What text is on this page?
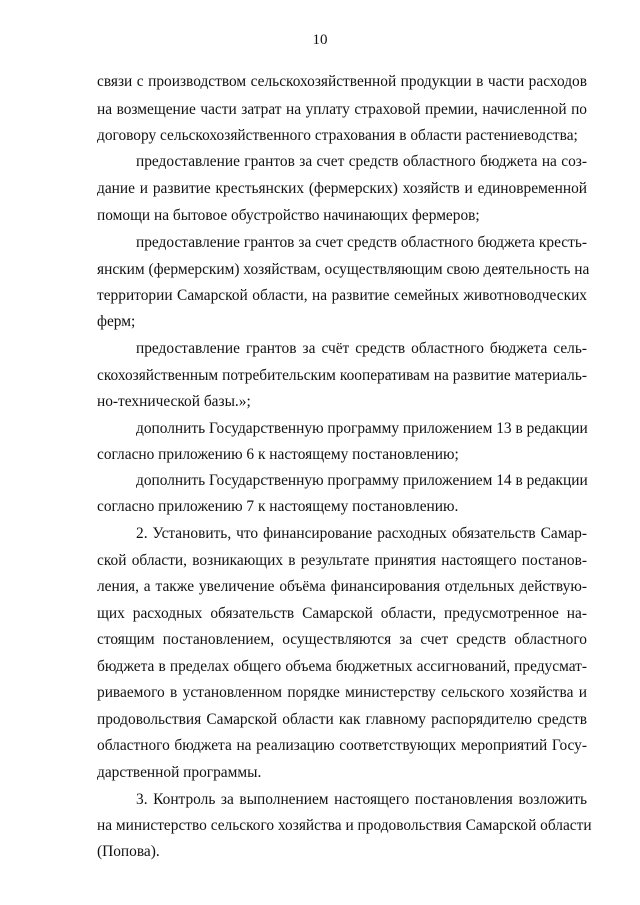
10
связи с производством сельскохозяйственной продукции в части расходов
на возмещение части затрат на уплату страховой премии, начисленной по
договору сельскохозяйственного страхования в области растениеводства;
предоставление грантов за счет средств областного бюджета на соз-
дание и развитие крестьянских (фермерских) хозяйств и единовременной
помощи на бытовое обустройство начинающих фермеров;
предоставление грантов за счет средств областного бюджета кресть-
янским (фермерским) хозяйствам, осуществляющим свою деятельность на
территории Самарской области, на развитие семейных животноводческих
ферм;
предоставление грантов за счёт средств областного бюджета сель-
скохозяйственным потребительским кооперативам на развитие материаль-
но-технической базы.»;
дополнить Государственную программу приложением 13 в редакции
согласно приложению 6 к настоящему постановлению;
дополнить Государственную программу приложением 14 в редакции
согласно приложению 7 к настоящему постановлению.
2. Установить, что финансирование расходных обязательств Самар-
ской области, возникающих в результате принятия настоящего постанов-
ления, а также увеличение объёма финансирования отдельных действую-
щих расходных обязательств Самарской области, предусмотренное на-
стоящим постановлением, осуществляются за счет средств областного
бюджета в пределах общего объема бюджетных ассигнований, предусмат-
риваемого в установленном порядке министерству сельского хозяйства и
продовольствия Самарской области как главному распорядителю средств
областного бюджета на реализацию соответствующих мероприятий Госу-
дарственной программы.
3. Контроль за выполнением настоящего постановления возложить
на министерство сельского хозяйства и продовольствия Самарской области
(Попова).
